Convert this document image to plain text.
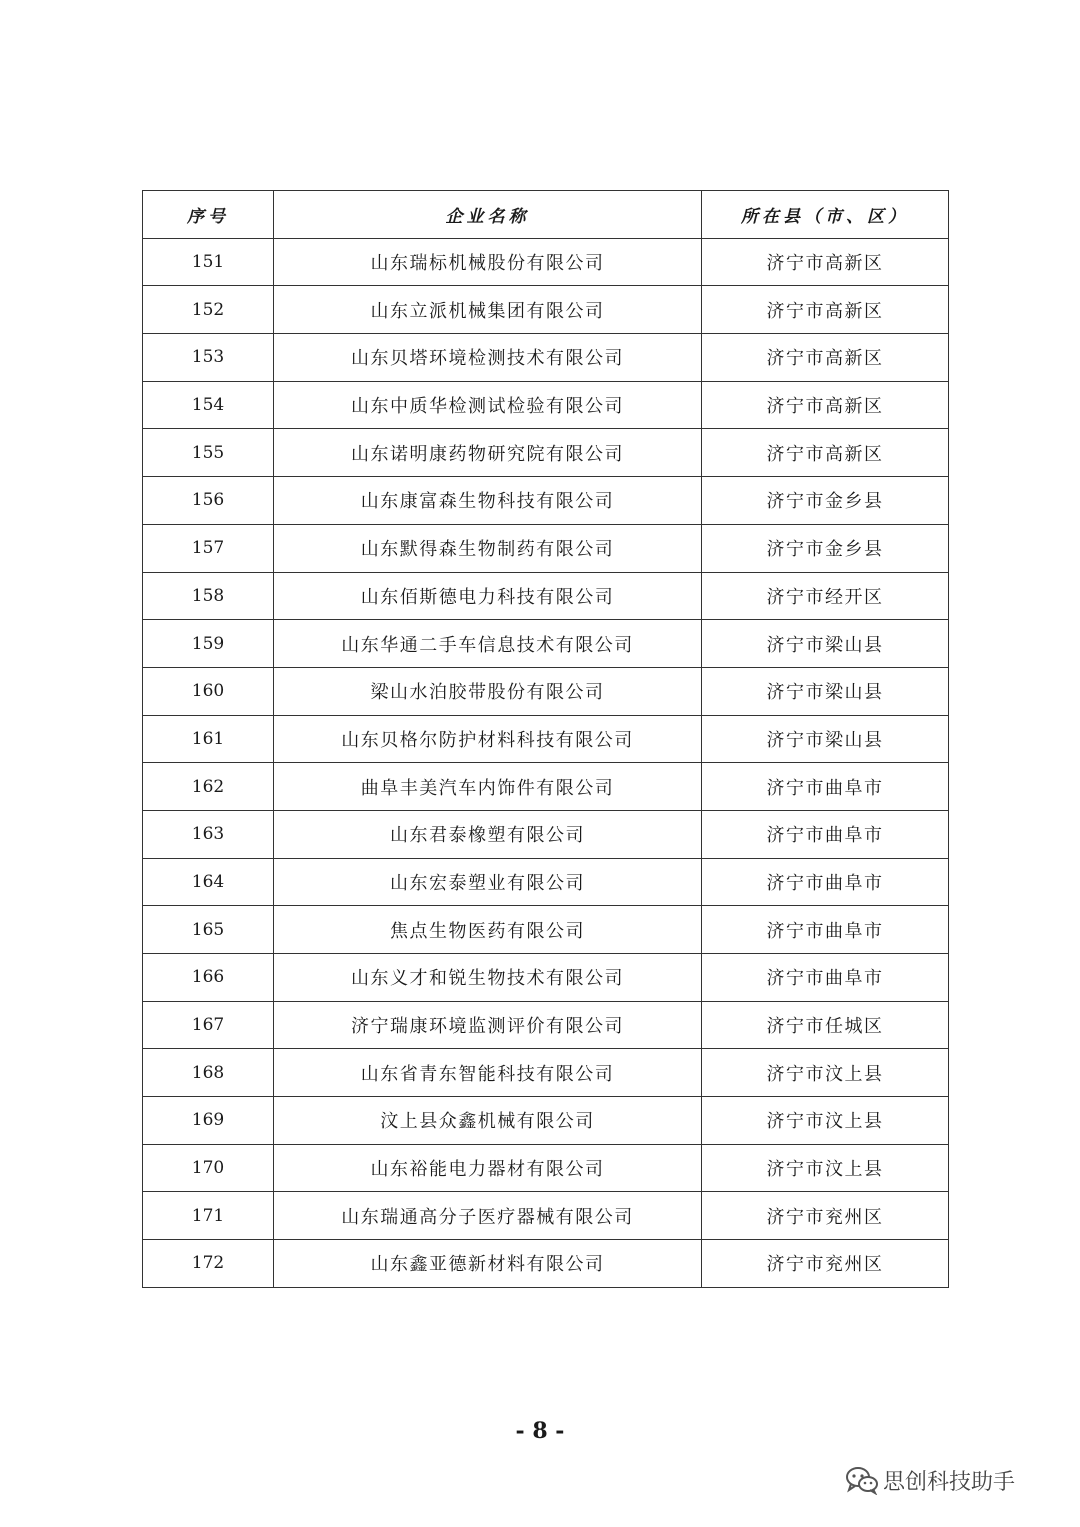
序号	企业名称	所在县（市、区）
151	山东瑞标机械股份有限公司	济宁市高新区
152	山东立派机械集团有限公司	济宁市高新区
153	山东贝塔环境检测技术有限公司	济宁市高新区
154	山东中质华检测试检验有限公司	济宁市高新区
155	山东诺明康药物研究院有限公司	济宁市高新区
156	山东康富森生物科技有限公司	济宁市金乡县
157	山东默得森生物制药有限公司	济宁市金乡县
158	山东佰斯德电力科技有限公司	济宁市经开区
159	山东华通二手车信息技术有限公司	济宁市梁山县
160	梁山水泊胶带股份有限公司	济宁市梁山县
161	山东贝格尔防护材料科技有限公司	济宁市梁山县
162	曲阜丰美汽车内饰件有限公司	济宁市曲阜市
163	山东君泰橡塑有限公司	济宁市曲阜市
164	山东宏泰塑业有限公司	济宁市曲阜市
165	焦点生物医药有限公司	济宁市曲阜市
166	山东义才和锐生物技术有限公司	济宁市曲阜市
167	济宁瑞康环境监测评价有限公司	济宁市任城区
168	山东省青东智能科技有限公司	济宁市汶上县
169	汶上县众鑫机械有限公司	济宁市汶上县
170	山东裕能电力器材有限公司	济宁市汶上县
171	山东瑞通高分子医疗器械有限公司	济宁市兖州区
172	山东鑫亚德新材料有限公司	济宁市兖州区
- 8 -
思创科技助手
